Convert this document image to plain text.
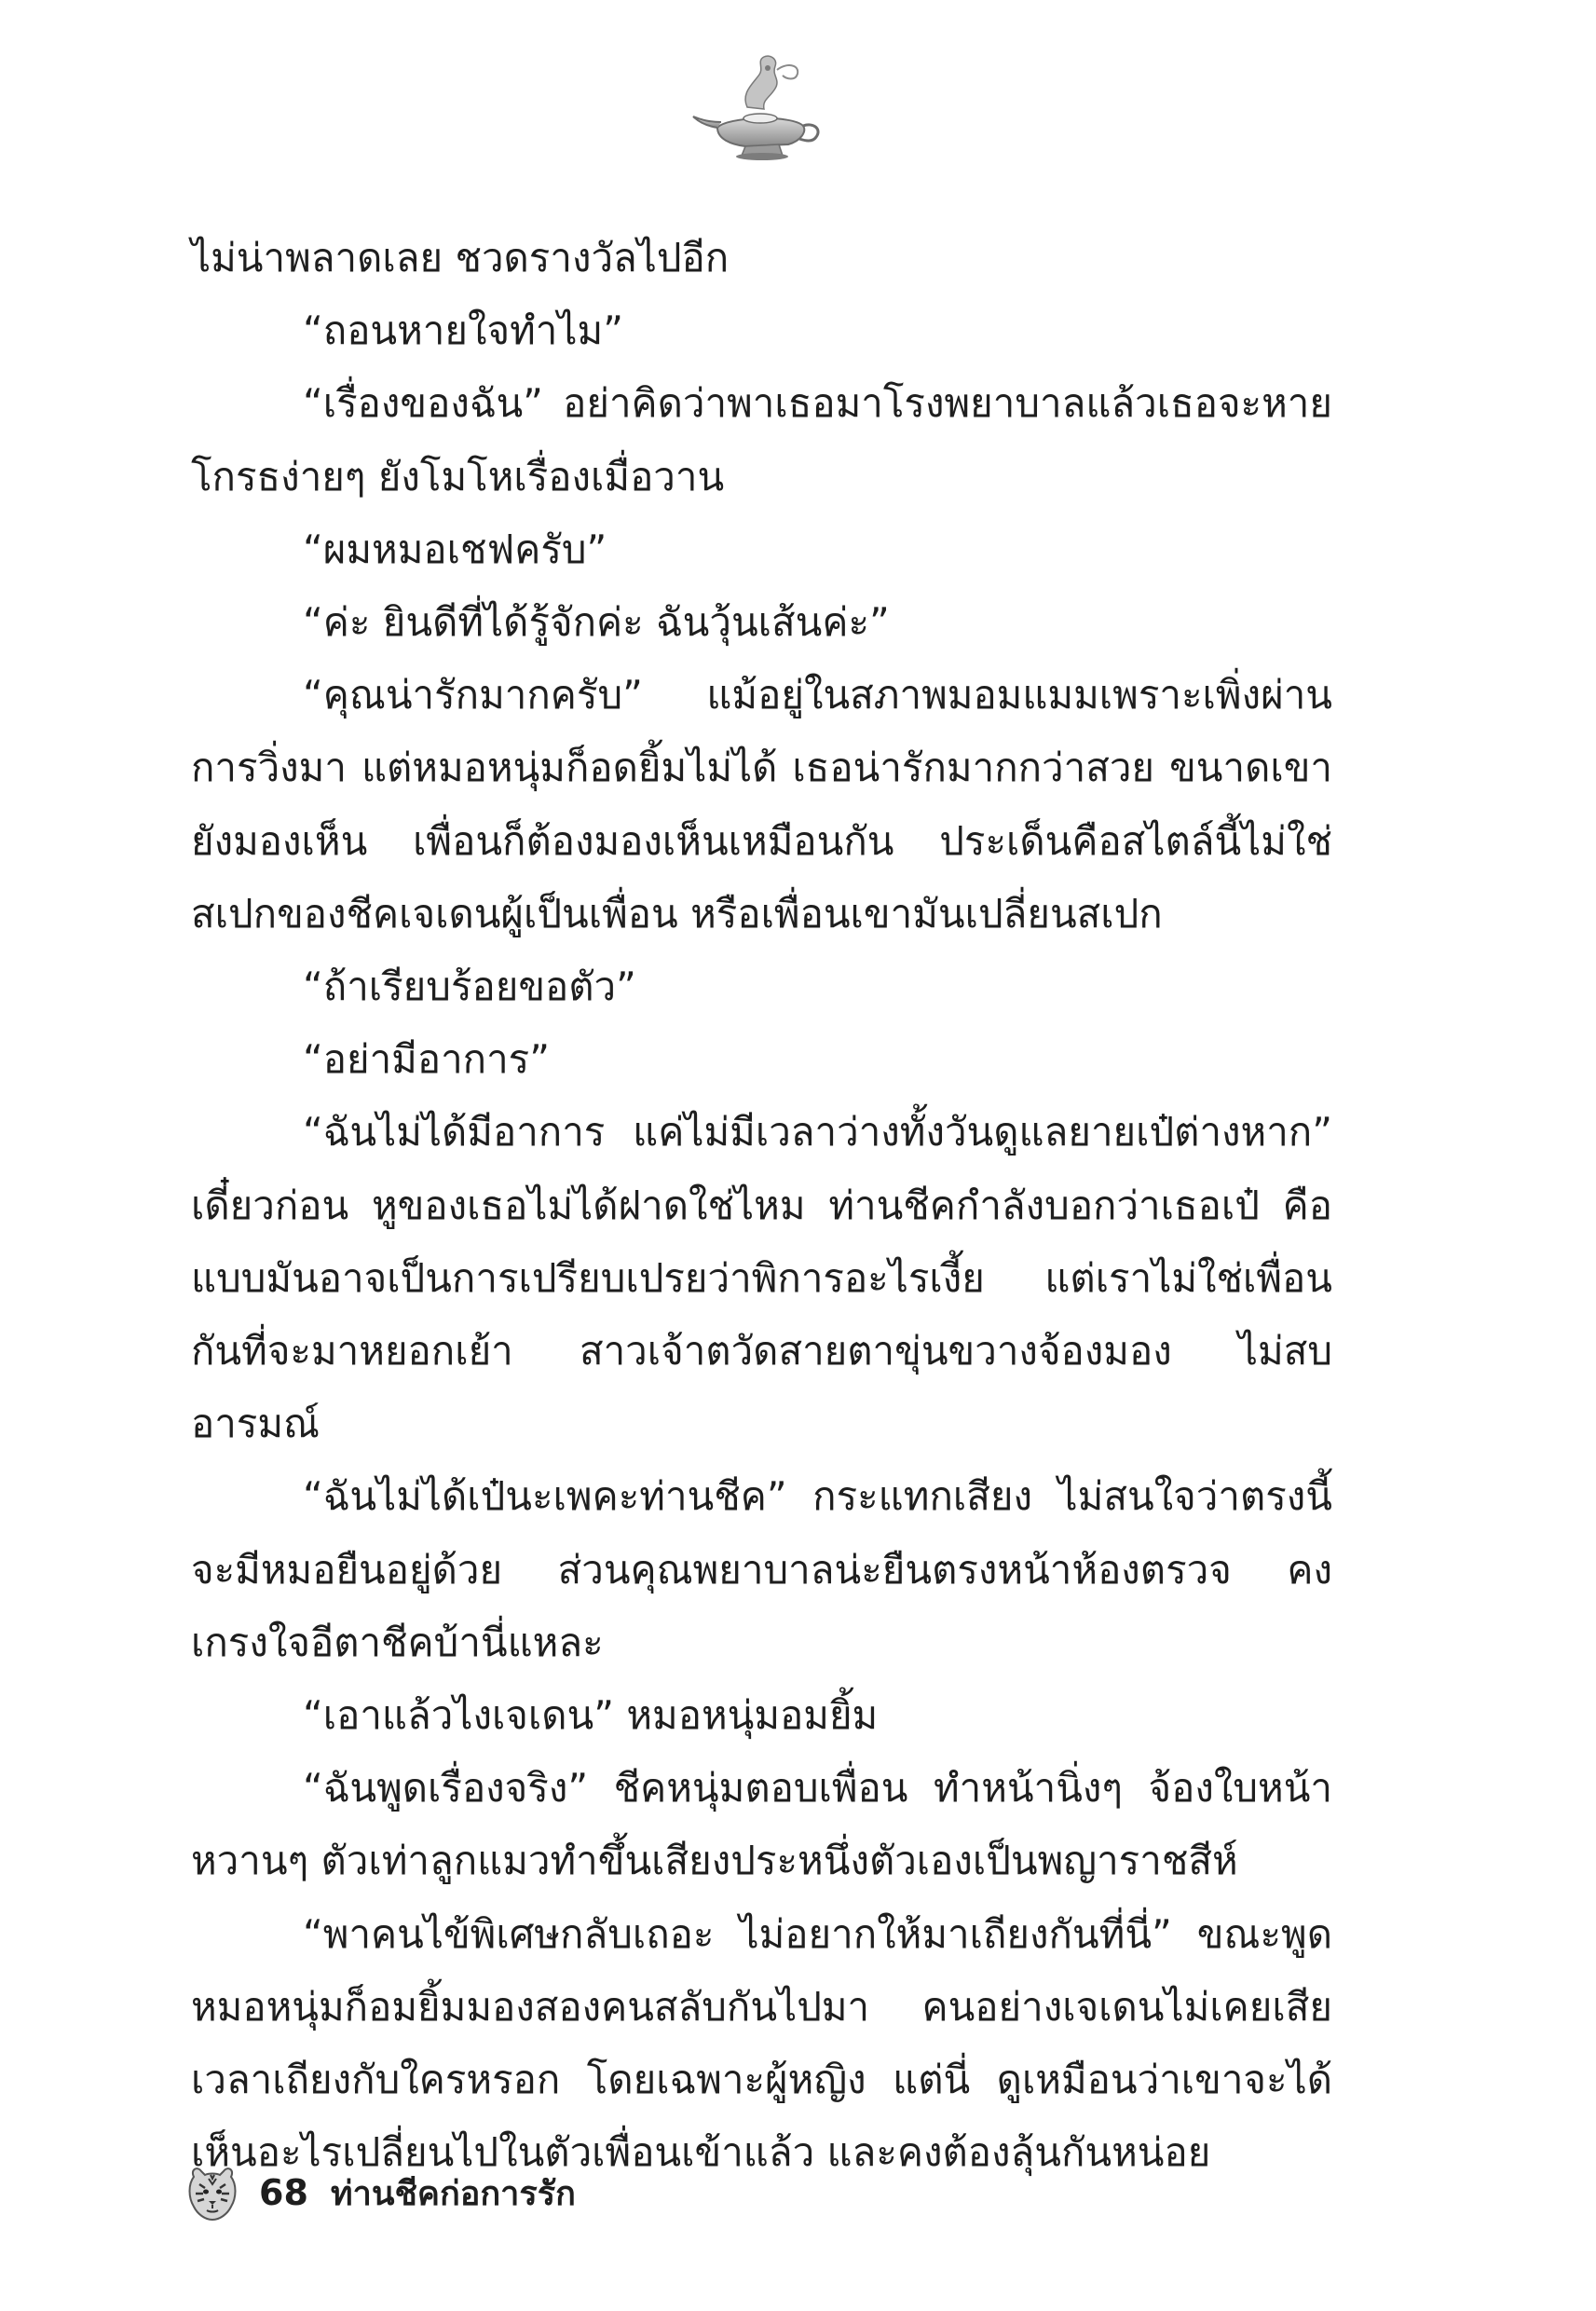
ไม่น่าพลาดเลย ชวดรางวัลไปอีก

“ถอนหายใจทำไม”

“เรื่องของฉัน” อย่าคิดว่าพาเธอมาโรงพยาบาลแล้วเธอจะหายโกรธง่ายๆ ยังโมโหเรื่องเมื่อวาน

“ผมหมอเชฟครับ”

“ค่ะ ยินดีที่ได้รู้จักค่ะ ฉันวุ้นเส้นค่ะ”

“คุณน่ารักมากครับ” แม้อยู่ในสภาพมอมแมมเพราะเพิ่งผ่านการวิ่งมา แต่หมอหนุ่มก็อดยิ้มไม่ได้ เธอน่ารักมากกว่าสวย ขนาดเขายังมองเห็น เพื่อนก็ต้องมองเห็นเหมือนกัน ประเด็นคือสไตล์นี้ไม่ใช่สเปกของชีคเจเดนผู้เป็นเพื่อน หรือเพื่อนเขามันเปลี่ยนสเปก

“ถ้าเรียบร้อยขอตัว”

“อย่ามีอาการ”

“ฉันไม่ได้มีอาการ แค่ไม่มีเวลาว่างทั้งวันดูแลยายเป๋ต่างหาก” เดี๋ยวก่อน หูของเธอไม่ได้ฝาดใช่ไหม ท่านชีคกำลังบอกว่าเธอเป๋ คือแบบมันอาจเป็นการเปรียบเปรยว่าพิการอะไรเงี้ย แต่เราไม่ใช่เพื่อนกันที่จะมาหยอกเย้า สาวเจ้าตวัดสายตาขุ่นขวางจ้องมอง ไม่สบอารมณ์

“ฉันไม่ได้เป๋นะเพคะท่านชีค” กระแทกเสียง ไม่สนใจว่าตรงนี้จะมีหมอยืนอยู่ด้วย ส่วนคุณพยาบาลน่ะยืนตรงหน้าห้องตรวจ คงเกรงใจอีตาชีคบ้านี่แหละ

“เอาแล้วไงเจเดน” หมอหนุ่มอมยิ้ม

“ฉันพูดเรื่องจริง” ชีคหนุ่มตอบเพื่อน ทำหน้านิ่งๆ จ้องใบหน้าหวานๆ ตัวเท่าลูกแมวทำขึ้นเสียงประหนึ่งตัวเองเป็นพญาราชสีห์

“พาคนไข้พิเศษกลับเถอะ ไม่อยากให้มาเถียงกันที่นี่” ขณะพูดหมอหนุ่มก็อมยิ้มมองสองคนสลับกันไปมา คนอย่างเจเดนไม่เคยเสียเวลาเถียงกับใครหรอก โดยเฉพาะผู้หญิง แต่นี่ ดูเหมือนว่าเขาจะได้เห็นอะไรเปลี่ยนไปในตัวเพื่อนเข้าแล้ว และคงต้องลุ้นกันหน่อย

68 ท่านชีคก่อการรัก
